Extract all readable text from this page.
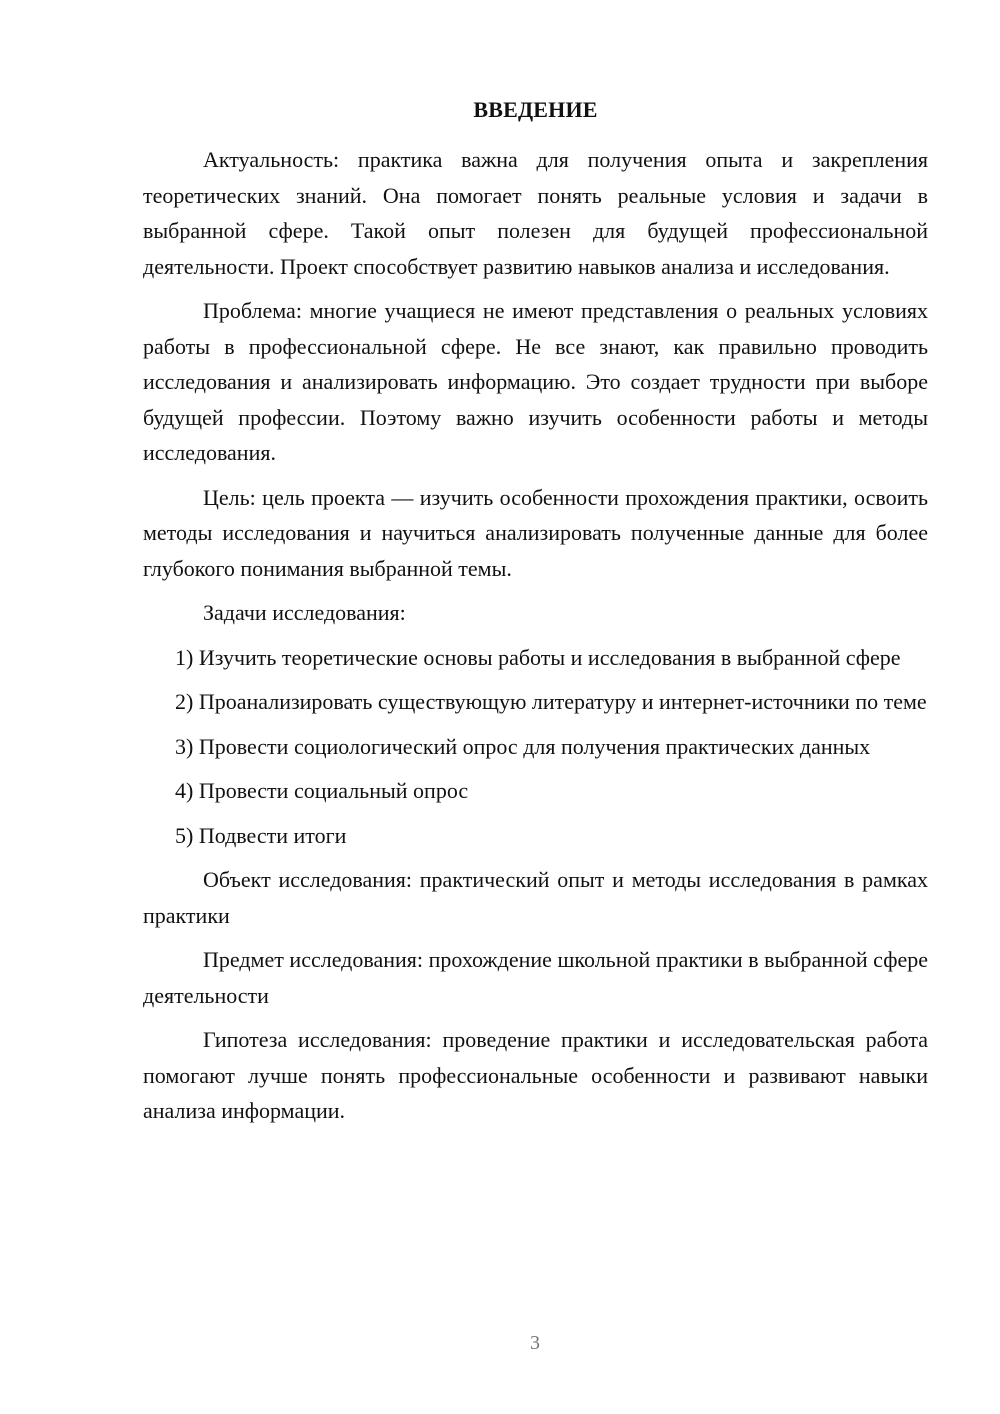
ВВЕДЕНИЕ

Актуальность: практика важна для получения опыта и закрепления теоретических знаний. Она помогает понять реальные условия и задачи в выбранной сфере. Такой опыт полезен для будущей профессиональной деятельности. Проект способствует развитию навыков анализа и исследования.

Проблема: многие учащиеся не имеют представления о реальных условиях работы в профессиональной сфере. Не все знают, как правильно проводить исследования и анализировать информацию. Это создает трудности при выборе будущей профессии. Поэтому важно изучить особенности работы и методы исследования.

Цель: цель проекта — изучить особенности прохождения практики, освоить методы исследования и научиться анализировать полученные данные для более глубокого понимания выбранной темы.

Задачи исследования:

1) Изучить теоретические основы работы и исследования в выбранной сфере

2) Проанализировать существующую литературу и интернет-источники по теме

3) Провести социологический опрос для получения практических данных

4) Провести социальный опрос

5) Подвести итоги

Объект исследования: практический опыт и методы исследования в рамках практики

Предмет исследования: прохождение школьной практики в выбранной сфере деятельности

Гипотеза исследования: проведение практики и исследовательская работа помогают лучше понять профессиональные особенности и развивают навыки анализа информации.

3
